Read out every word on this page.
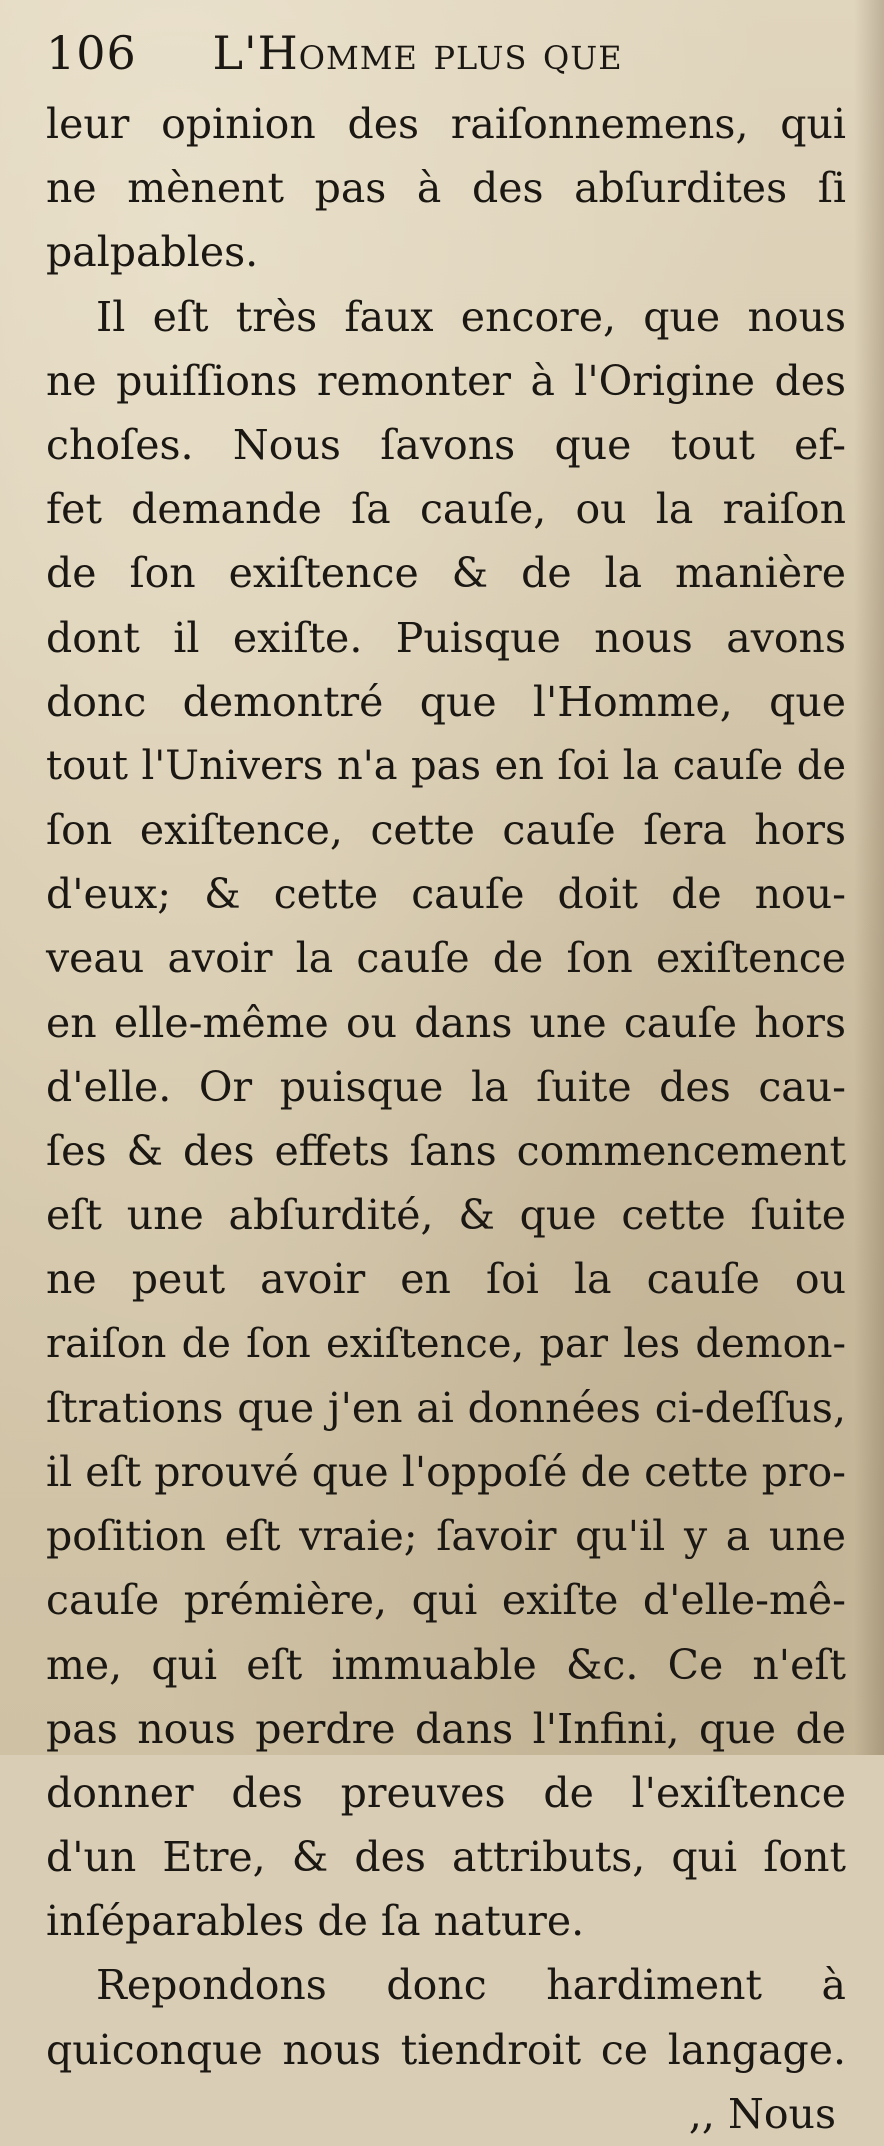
106 L'Homme plus que
leur opinion des raiſonnemens, qui
ne mènent pas à des abſurdites ſi
palpables.
Il eſt très faux encore, que nous
ne puiſſions remonter à l'Origine des
choſes. Nous ſavons que tout ef-
fet demande ſa cauſe, ou la raiſon
de ſon exiſtence & de la manière
dont il exiſte. Puisque nous avons
donc demontré que l'Homme, que
tout l'Univers n'a pas en ſoi la cauſe de
ſon exiſtence, cette cauſe ſera hors
d'eux; & cette cauſe doit de nou-
veau avoir la cauſe de ſon exiſtence
en elle-même ou dans une cauſe hors
d'elle. Or puisque la ſuite des cau-
ſes & des effets ſans commencement
eſt une abſurdité, & que cette ſuite
ne peut avoir en ſoi la cauſe ou
raiſon de ſon exiſtence, par les demon-
ſtrations que j'en ai données ci-deſſus,
il eſt prouvé que l'oppoſé de cette pro-
poſition eſt vraie; ſavoir qu'il y a une
cauſe prémière, qui exiſte d'elle-mê-
me, qui eſt immuable &c. Ce n'eſt
pas nous perdre dans l'Infini, que de
donner des preuves de l'exiſtence
d'un Etre, & des attributs, qui ſont
inſéparables de ſa nature.
Repondons donc hardiment à
quiconque nous tiendroit ce langage.
,, Nous
